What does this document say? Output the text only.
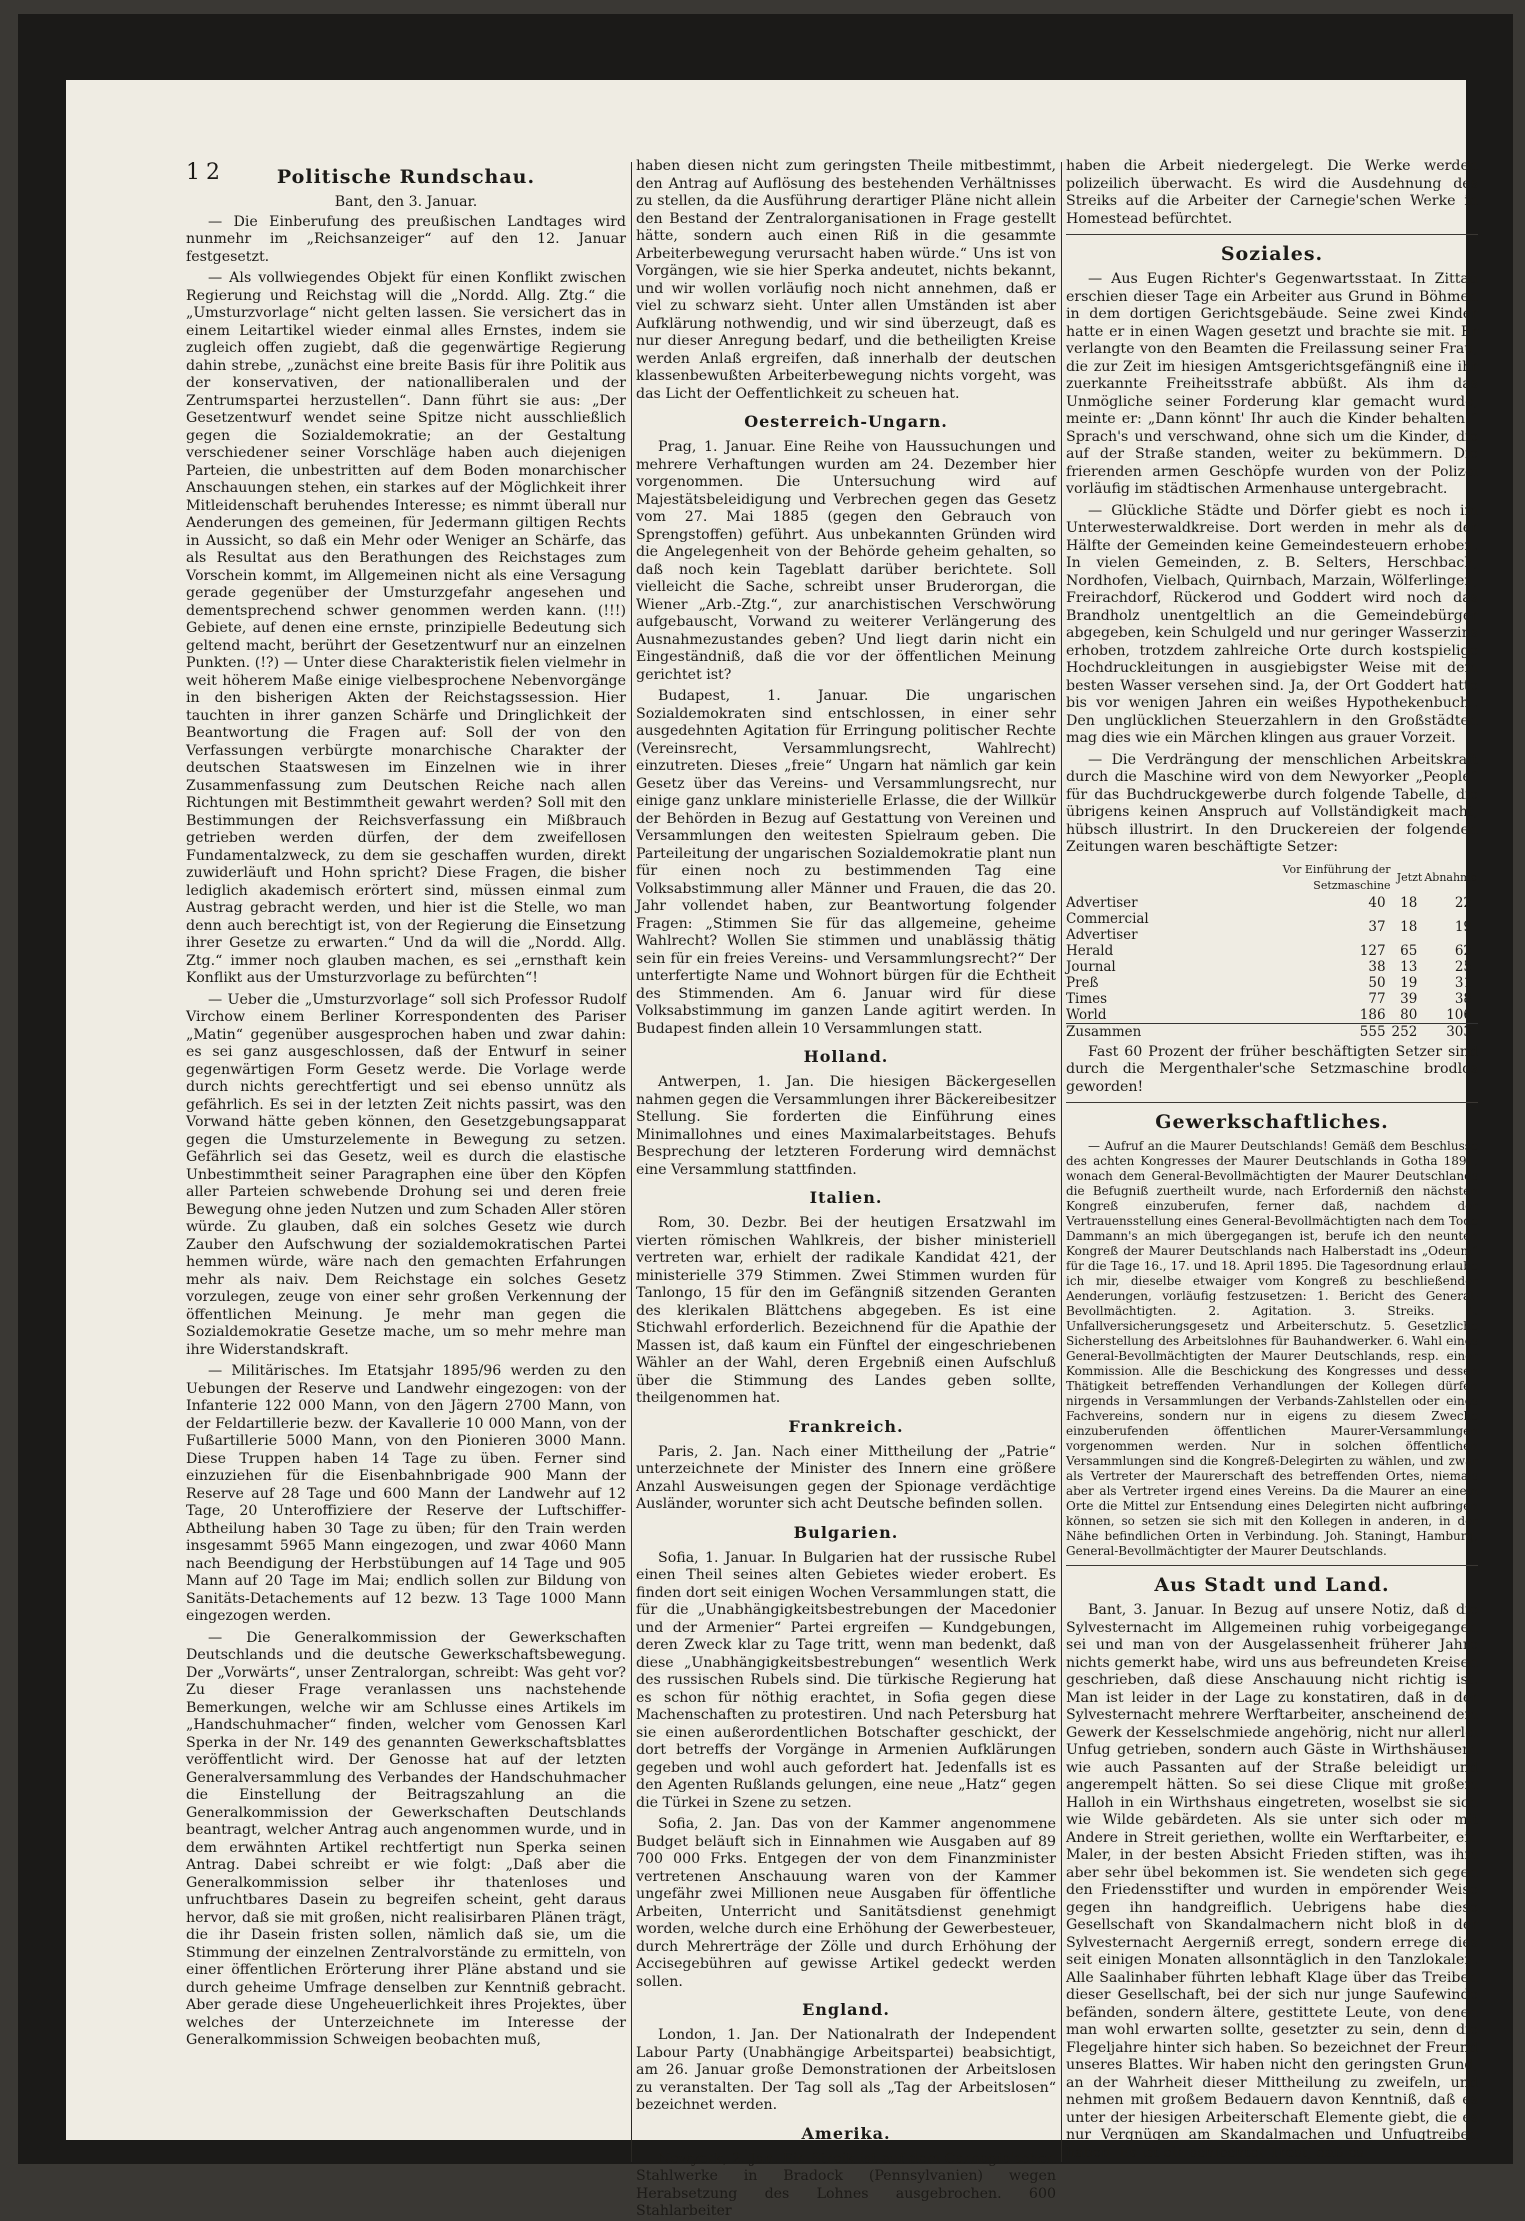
12	Politische Rundschau.
Bant, den 3. Januar.

— Die Einberufung des preußischen Landtages wird nunmehr im „Reichsanzeiger“ auf den 12. Januar festgesetzt.

— Als vollwiegendes Objekt für einen Konflikt zwischen Regierung und Reichstag will die „Nordd. Allg. Ztg.“ die „Umsturzvorlage“ nicht gelten lassen. Sie versichert das in einem Leitartikel wieder einmal alles Ernstes, indem sie zugleich offen zugiebt, daß die gegenwärtige Regierung dahin strebe, „zunächst eine breite Basis für ihre Politik aus der konservativen, der nationalliberalen und der Zentrumspartei herzustellen“. Dann führt sie aus: „Der Gesetzentwurf wendet seine Spitze nicht ausschließlich gegen die Sozialdemokratie; an der Gestaltung verschiedener seiner Vorschläge haben auch diejenigen Parteien, die unbestritten auf dem Boden monarchischer Anschauungen stehen, ein starkes auf der Möglichkeit ihrer Mitleidenschaft beruhendes Interesse; es nimmt überall nur Aenderungen des gemeinen, für Jedermann giltigen Rechts in Aussicht, so daß ein Mehr oder Weniger an Schärfe, das als Resultat aus den Berathungen des Reichstages zum Vorschein kommt, im Allgemeinen nicht als eine Versagung gerade gegenüber der Umsturzgefahr angesehen und dementsprechend schwer genommen werden kann. (!!!) Gebiete, auf denen eine ernste, prinzipielle Bedeutung sich geltend macht, berührt der Gesetzentwurf nur an einzelnen Punkten. (!?) — Unter diese Charakteristik fielen vielmehr in weit höherem Maße einige vielbesprochene Nebenvorgänge in den bisherigen Akten der Reichstagssession. Hier tauchten in ihrer ganzen Schärfe und Dringlichkeit der Beantwortung die Fragen auf: Soll der von den Verfassungen verbürgte monarchische Charakter der deutschen Staatswesen im Einzelnen wie in ihrer Zusammenfassung zum Deutschen Reiche nach allen Richtungen mit Bestimmtheit gewahrt werden? Soll mit den Bestimmungen der Reichsverfassung ein Mißbrauch getrieben werden dürfen, der dem zweifellosen Fundamentalzweck, zu dem sie geschaffen wurden, direkt zuwiderläuft und Hohn spricht? Diese Fragen, die bisher lediglich akademisch erörtert sind, müssen einmal zum Austrag gebracht werden, und hier ist die Stelle, wo man denn auch berechtigt ist, von der Regierung die Einsetzung ihrer Gesetze zu erwarten.“ Und da will die „Nordd. Allg. Ztg.“ immer noch glauben machen, es sei „ernsthaft kein Konflikt aus der Umsturzvorlage zu befürchten“!

— Ueber die „Umsturzvorlage“ soll sich Professor Rudolf Virchow einem Berliner Korrespondenten des Pariser „Matin“ gegenüber ausgesprochen haben und zwar dahin: es sei ganz ausgeschlossen, daß der Entwurf in seiner gegenwärtigen Form Gesetz werde. Die Vorlage werde durch nichts gerechtfertigt und sei ebenso unnütz als gefährlich. Es sei in der letzten Zeit nichts passirt, was den Vorwand hätte geben können, den Gesetzgebungsapparat gegen die Umsturzelemente in Bewegung zu setzen. Gefährlich sei das Gesetz, weil es durch die elastische Unbestimmtheit seiner Paragraphen eine über den Köpfen aller Parteien schwebende Drohung sei und deren freie Bewegung ohne jeden Nutzen und zum Schaden Aller stören würde. Zu glauben, daß ein solches Gesetz wie durch Zauber den Aufschwung der sozialdemokratischen Partei hemmen würde, wäre nach den gemachten Erfahrungen mehr als naiv. Dem Reichstage ein solches Gesetz vorzulegen, zeuge von einer sehr großen Verkennung der öffentlichen Meinung. Je mehr man gegen die Sozialdemokratie Gesetze mache, um so mehr mehre man ihre Widerstandskraft.

— Militärisches. Im Etatsjahr 1895/96 werden zu den Uebungen der Reserve und Landwehr eingezogen: von der Infanterie 122 000 Mann, von den Jägern 2700 Mann, von der Feldartillerie bezw. der Kavallerie 10 000 Mann, von der Fußartillerie 5000 Mann, von den Pionieren 3000 Mann. Diese Truppen haben 14 Tage zu üben. Ferner sind einzuziehen für die Eisenbahnbrigade 900 Mann der Reserve auf 28 Tage und 600 Mann der Landwehr auf 12 Tage, 20 Unteroffiziere der Reserve der Luftschiffer-Abtheilung haben 30 Tage zu üben; für den Train werden insgesammt 5965 Mann eingezogen, und zwar 4060 Mann nach Beendigung der Herbstübungen auf 14 Tage und 905 Mann auf 20 Tage im Mai; endlich sollen zur Bildung von Sanitäts-Detachements auf 12 bezw. 13 Tage 1000 Mann eingezogen werden.

— Die Generalkommission der Gewerkschaften Deutschlands und die deutsche Gewerkschaftsbewegung. Der „Vorwärts“, unser Zentralorgan, schreibt: Was geht vor? Zu dieser Frage veranlassen uns nachstehende Bemerkungen, welche wir am Schlusse eines Artikels im „Handschuhmacher“ finden, welcher vom Genossen Karl Sperka in der Nr. 149 des genannten Gewerkschaftsblattes veröffentlicht wird. Der Genosse hat auf der letzten Generalversammlung des Verbandes der Handschuhmacher die Einstellung der Beitragszahlung an die Generalkommission der Gewerkschaften Deutschlands beantragt, welcher Antrag auch angenommen wurde, und in dem erwähnten Artikel rechtfertigt nun Sperka seinen Antrag. Dabei schreibt er wie folgt: „Daß aber die Generalkommission selber ihr thatenloses und unfruchtbares Dasein zu begreifen scheint, geht daraus hervor, daß sie mit großen, nicht realisirbaren Plänen trägt, die ihr Dasein fristen sollen, nämlich daß sie, um die Stimmung der einzelnen Zentralvorstände zu ermitteln, von einer öffentlichen Erörterung ihrer Pläne abstand und sie durch geheime Umfrage denselben zur Kenntniß gebracht. Aber gerade diese Ungeheuerlichkeit ihres Projektes, über welches der Unterzeichnete im Interesse der Generalkommission Schweigen beobachten muß,

haben diesen nicht zum geringsten Theile mitbestimmt, den Antrag auf Auflösung des bestehenden Verhältnisses zu stellen, da die Ausführung derartiger Pläne nicht allein den Bestand der Zentralorganisationen in Frage gestellt hätte, sondern auch einen Riß in die gesammte Arbeiterbewegung verursacht haben würde.“ Uns ist von Vorgängen, wie sie hier Sperka andeutet, nichts bekannt, und wir wollen vorläufig noch nicht annehmen, daß er viel zu schwarz sieht. Unter allen Umständen ist aber Aufklärung nothwendig, und wir sind überzeugt, daß es nur dieser Anregung bedarf, und die betheiligten Kreise werden Anlaß ergreifen, daß innerhalb der deutschen klassenbewußten Arbeiterbewegung nichts vorgeht, was das Licht der Oeffentlichkeit zu scheuen hat.

Oesterreich-Ungarn.

Prag, 1. Januar. Eine Reihe von Haussuchungen und mehrere Verhaftungen wurden am 24. Dezember hier vorgenommen. Die Untersuchung wird auf Majestätsbeleidigung und Verbrechen gegen das Gesetz vom 27. Mai 1885 (gegen den Gebrauch von Sprengstoffen) geführt. Aus unbekannten Gründen wird die Angelegenheit von der Behörde geheim gehalten, so daß noch kein Tageblatt darüber berichtete. Soll vielleicht die Sache, schreibt unser Bruderorgan, die Wiener „Arb.-Ztg.“, zur anarchistischen Verschwörung aufgebauscht, Vorwand zu weiterer Verlängerung des Ausnahmezustandes geben? Und liegt darin nicht ein Eingeständniß, daß die vor der öffentlichen Meinung gerichtet ist?

Budapest, 1. Januar. Die ungarischen Sozialdemokraten sind entschlossen, in einer sehr ausgedehnten Agitation für Erringung politischer Rechte (Vereinsrecht, Versammlungsrecht, Wahlrecht) einzutreten. Dieses „freie“ Ungarn hat nämlich gar kein Gesetz über das Vereins- und Versammlungsrecht, nur einige ganz unklare ministerielle Erlasse, die der Willkür der Behörden in Bezug auf Gestattung von Vereinen und Versammlungen den weitesten Spielraum geben. Die Parteileitung der ungarischen Sozialdemokratie plant nun für einen noch zu bestimmenden Tag eine Volksabstimmung aller Männer und Frauen, die das 20. Jahr vollendet haben, zur Beantwortung folgender Fragen: „Stimmen Sie für das allgemeine, geheime Wahlrecht? Wollen Sie stimmen und unablässig thätig sein für ein freies Vereins- und Versammlungsrecht?“ Der unterfertigte Name und Wohnort bürgen für die Echtheit des Stimmenden. Am 6. Januar wird für diese Volksabstimmung im ganzen Lande agitirt werden. In Budapest finden allein 10 Versammlungen statt.

Holland.

Antwerpen, 1. Jan. Die hiesigen Bäckergesellen nahmen gegen die Versammlungen ihrer Bäckereibesitzer Stellung. Sie forderten die Einführung eines Minimallohnes und eines Maximalarbeitstages. Behufs Besprechung der letzteren Forderung wird demnächst eine Versammlung stattfinden.

Italien.

Rom, 30. Dezbr. Bei der heutigen Ersatzwahl im vierten römischen Wahlkreis, der bisher ministeriell vertreten war, erhielt der radikale Kandidat 421, der ministerielle 379 Stimmen. Zwei Stimmen wurden für Tanlongo, 15 für den im Gefängniß sitzenden Geranten des klerikalen Blättchens abgegeben. Es ist eine Stichwahl erforderlich. Bezeichnend für die Apathie der Massen ist, daß kaum ein Fünftel der eingeschriebenen Wähler an der Wahl, deren Ergebniß einen Aufschluß über die Stimmung des Landes geben sollte, theilgenommen hat.

Frankreich.

Paris, 2. Jan. Nach einer Mittheilung der „Patrie“ unterzeichnete der Minister des Innern eine größere Anzahl Ausweisungen gegen der Spionage verdächtige Ausländer, worunter sich acht Deutsche befinden sollen.

Bulgarien.

Sofia, 1. Januar. In Bulgarien hat der russische Rubel einen Theil seines alten Gebietes wieder erobert. Es finden dort seit einigen Wochen Versammlungen statt, die für die „Unabhängigkeitsbestrebungen der Macedonier und der Armenier“ Partei ergreifen — Kundgebungen, deren Zweck klar zu Tage tritt, wenn man bedenkt, daß diese „Unabhängigkeitsbestrebungen“ wesentlich Werk des russischen Rubels sind. Die türkische Regierung hat es schon für nöthig erachtet, in Sofia gegen diese Machenschaften zu protestiren. Und nach Petersburg hat sie einen außerordentlichen Botschafter geschickt, der dort betreffs der Vorgänge in Armenien Aufklärungen gegeben und wohl auch gefordert hat. Jedenfalls ist es den Agenten Rußlands gelungen, eine neue „Hatz“ gegen die Türkei in Szene zu setzen.

Sofia, 2. Jan. Das von der Kammer angenommene Budget beläuft sich in Einnahmen wie Ausgaben auf 89 700 000 Frks. Entgegen der von dem Finanzminister vertretenen Anschauung waren von der Kammer ungefähr zwei Millionen neue Ausgaben für öffentliche Arbeiten, Unterricht und Sanitätsdienst genehmigt worden, welche durch eine Erhöhung der Gewerbesteuer, durch Mehrerträge der Zölle und durch Erhöhung der Accisegebühren auf gewisse Artikel gedeckt werden sollen.

England.

London, 1. Jan. Der Nationalrath der Independent Labour Party (Unabhängige Arbeitspartei) beabsichtigt, am 26. Januar große Demonstrationen der Arbeitslosen zu veranstalten. Der Tag soll als „Tag der Arbeitslosen“ bezeichnet werden.

Amerika.

Newyork, 2. Jan. Ein Streik ist auf dem Carnegie'schen Stahlwerke in Bradock (Pennsylvanien) wegen Herabsetzung des Lohnes ausgebrochen. 600 Stahlarbeiter

haben die Arbeit niedergelegt. Die Werke werden polizeilich überwacht. Es wird die Ausdehnung des Streiks auf die Arbeiter der Carnegie'schen Werke in Homestead befürchtet.

Soziales.

— Aus Eugen Richter's Gegenwartsstaat. In Zittau erschien dieser Tage ein Arbeiter aus Grund in Böhmen in dem dortigen Gerichtsgebäude. Seine zwei Kinder hatte er in einen Wagen gesetzt und brachte sie mit. Er verlangte von den Beamten die Freilassung seiner Frau, die zur Zeit im hiesigen Amtsgerichtsgefängniß eine ihr zuerkannte Freiheitsstrafe abbüßt. Als ihm das Unmögliche seiner Forderung klar gemacht wurde, meinte er: „Dann könnt' Ihr auch die Kinder behalten!“ Sprach's und verschwand, ohne sich um die Kinder, die auf der Straße standen, weiter zu bekümmern. Die frierenden armen Geschöpfe wurden von der Polizei vorläufig im städtischen Armenhause untergebracht.

— Glückliche Städte und Dörfer giebt es noch im Unterwesterwaldkreise. Dort werden in mehr als der Hälfte der Gemeinden keine Gemeindesteuern erhoben. In vielen Gemeinden, z. B. Selters, Herschbach, Nordhofen, Vielbach, Quirnbach, Marzain, Wölferlingen, Freirachdorf, Rückerod und Goddert wird noch das Brandholz unentgeltlich an die Gemeindebürger abgegeben, kein Schulgeld und nur geringer Wasserzins erhoben, trotzdem zahlreiche Orte durch kostspielige Hochdruckleitungen in ausgiebigster Weise mit dem besten Wasser versehen sind. Ja, der Ort Goddert hatte bis vor wenigen Jahren ein weißes Hypothekenbuch.. Den unglücklichen Steuerzahlern in den Großstädten mag dies wie ein Märchen klingen aus grauer Vorzeit.

— Die Verdrängung der menschlichen Arbeitskraft durch die Maschine wird von dem Newyorker „People“ für das Buchdruckgewerbe durch folgende Tabelle, die übrigens keinen Anspruch auf Vollständigkeit macht, hübsch illustrirt. In den Druckereien der folgenden Zeitungen waren beschäftigte Setzer:

	Vor Einführung der Setzmaschine	Jetzt	Abnahme
Advertiser	40	18	22
Commercial Advertiser	37	18	19
Herald	127	65	62
Journal	38	13	25
Preß	50	19	31
Times	77	39	38
World	186	80	106
Zusammen	555	252	303

Fast 60 Prozent der früher beschäftigten Setzer sind durch die Mergenthaler'sche Setzmaschine brodlos geworden!

Gewerkschaftliches.

— Aufruf an die Maurer Deutschlands! Gemäß dem Beschlusse des achten Kongresses der Maurer Deutschlands in Gotha 1891, wonach dem General-Bevollmächtigten der Maurer Deutschlands die Befugniß zuertheilt wurde, nach Erforderniß den nächsten Kongreß einzuberufen, ferner daß, nachdem der Vertrauensstellung eines General-Bevollmächtigten nach dem Tode Dammann's an mich übergegangen ist, berufe ich den neunten Kongreß der Maurer Deutschlands nach Halberstadt ins „Odeum“ für die Tage 16., 17. und 18. April 1895. Die Tagesordnung erlaube ich mir, dieselbe etwaiger vom Kongreß zu beschließender Aenderungen, vorläufig festzusetzen: 1. Bericht des General-Bevollmächtigten. 2. Agitation. 3. Streiks. 4. Unfallversicherungsgesetz und Arbeiterschutz. 5. Gesetzliche Sicherstellung des Arbeitslohnes für Bauhandwerker. 6. Wahl eines General-Bevollmächtigten der Maurer Deutschlands, resp. einer Kommission. Alle die Beschickung des Kongresses und dessen Thätigkeit betreffenden Verhandlungen der Kollegen dürfen nirgends in Versammlungen der Verbands-Zahlstellen oder eines Fachvereins, sondern nur in eigens zu diesem Zwecke einzuberufenden öffentlichen Maurer-Versammlungen vorgenommen werden. Nur in solchen öffentlichen Versammlungen sind die Kongreß-Delegirten zu wählen, und zwar als Vertreter der Maurerschaft des betreffenden Ortes, niemals aber als Vertreter irgend eines Vereins. Da die Maurer an einem Orte die Mittel zur Entsendung eines Delegirten nicht aufbringen können, so setzen sie sich mit den Kollegen in anderen, in der Nähe befindlichen Orten in Verbindung. Joh. Staningt, Hamburg, General-Bevollmächtigter der Maurer Deutschlands.

Aus Stadt und Land.

Bant, 3. Januar. In Bezug auf unsere Notiz, daß die Sylvesternacht im Allgemeinen ruhig vorbeigegangen sei und man von der Ausgelassenheit früherer Jahre nichts gemerkt habe, wird uns aus befreundeten Kreisen geschrieben, daß diese Anschauung nicht richtig ist. Man ist leider in der Lage zu konstatiren, daß in der Sylvesternacht mehrere Werftarbeiter, anscheinend dem Gewerk der Kesselschmiede angehörig, nicht nur allerlei Unfug getrieben, sondern auch Gäste in Wirthshäusern wie auch Passanten auf der Straße beleidigt und angerempelt hätten. So sei diese Clique mit großem Halloh in ein Wirthshaus eingetreten, woselbst sie sich wie Wilde gebärdeten. Als sie unter sich oder mit Andere in Streit geriethen, wollte ein Werftarbeiter, ein Maler, in der besten Absicht Frieden stiften, was ihm aber sehr übel bekommen ist. Sie wendeten sich gegen den Friedensstifter und wurden in empörender Weise gegen ihn handgreiflich. Uebrigens habe diese Gesellschaft von Skandalmachern nicht bloß in der Sylvesternacht Aergerniß erregt, sondern errege dies seit einigen Monaten allsonntäglich in den Tanzlokalen. Alle Saalinhaber führten lebhaft Klage über das Treiben dieser Gesellschaft, bei der sich nur junge Saufewinde befänden, sondern ältere, gestittete Leute, von denen man wohl erwarten sollte, gesetzter zu sein, denn die Flegeljahre hinter sich haben. So bezeichnet der Freund unseres Blattes. Wir haben nicht den geringsten Grund, an der Wahrheit dieser Mittheilung zu zweifeln, und nehmen mit großem Bedauern davon Kenntniß, daß es unter der hiesigen Arbeiterschaft Elemente giebt, die es nur Vergnügen am Skandalmachen und Unfugtreiben haben. Es ist ein schlechter Trost, daß es
